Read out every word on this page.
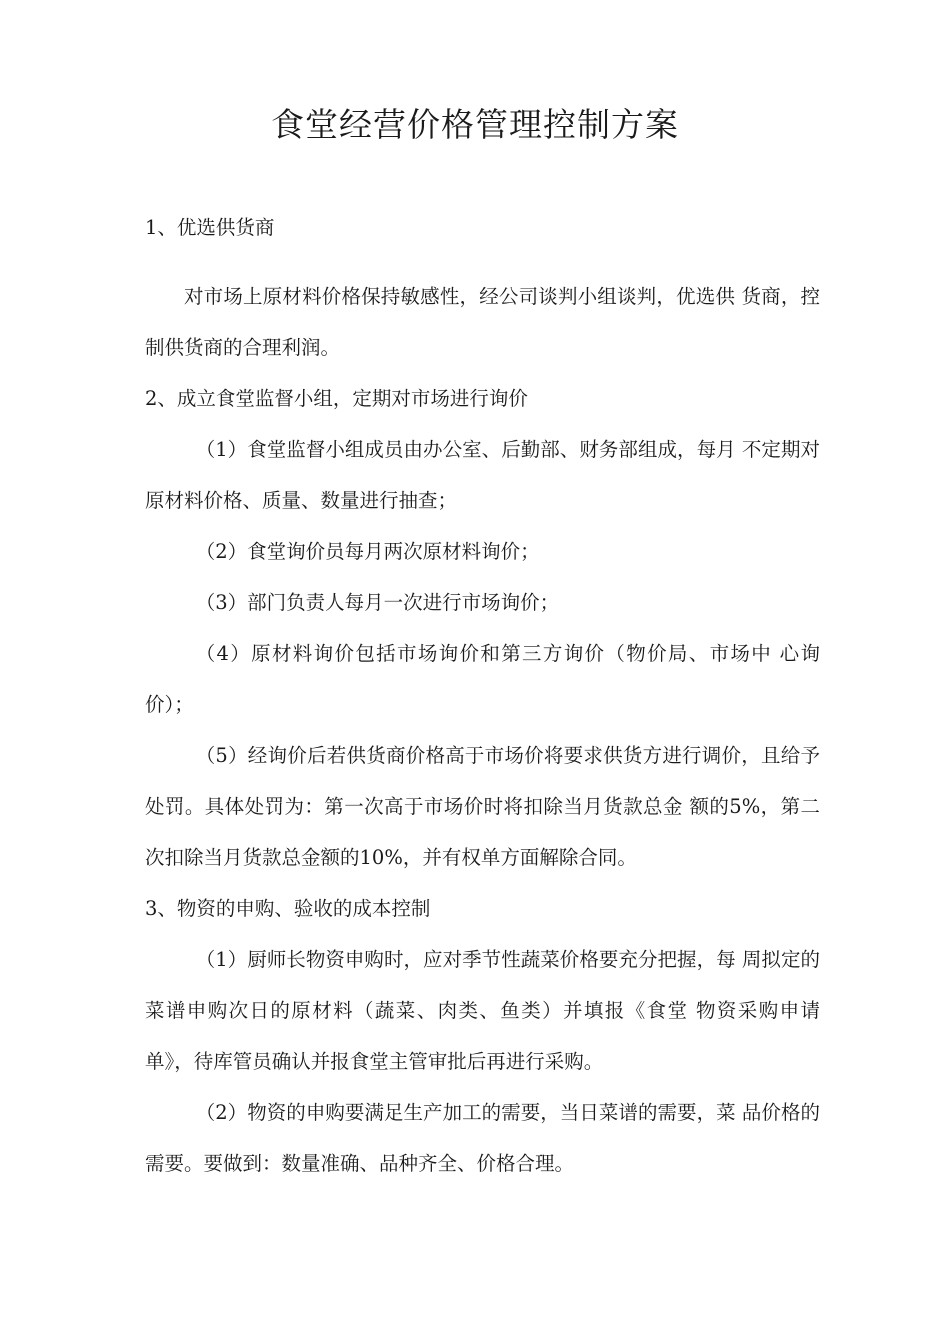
食堂经营价格管理控制方案

1、优选供货商

对市场上原材料价格保持敏感性，经公司谈判小组谈判，优选供 货商，控制供货商的合理利润。

2、成立食堂监督小组，定期对市场进行询价

（1）食堂监督小组成员由办公室、后勤部、财务部组成，每月 不定期对原材料价格、质量、数量进行抽查；

（2）食堂询价员每月两次原材料询价；

（3）部门负责人每月一次进行市场询价；

（4）原材料询价包括市场询价和第三方询价（物价局、市场中 心询价）；

（5）经询价后若供货商价格高于市场价将要求供货方进行调价，且给予处罚。具体处罚为：第一次高于市场价时将扣除当月货款总金 额的5%，第二次扣除当月货款总金额的10%，并有权单方面解除合同。

3、物资的申购、验收的成本控制

（1）厨师长物资申购时，应对季节性蔬菜价格要充分把握，每 周拟定的菜谱申购次日的原材料（蔬菜、肉类、鱼类）并填报《食堂 物资采购申请单》，待库管员确认并报食堂主管审批后再进行采购。

（2）物资的申购要满足生产加工的需要，当日菜谱的需要，菜 品价格的需要。要做到：数量准确、品种齐全、价格合理。
